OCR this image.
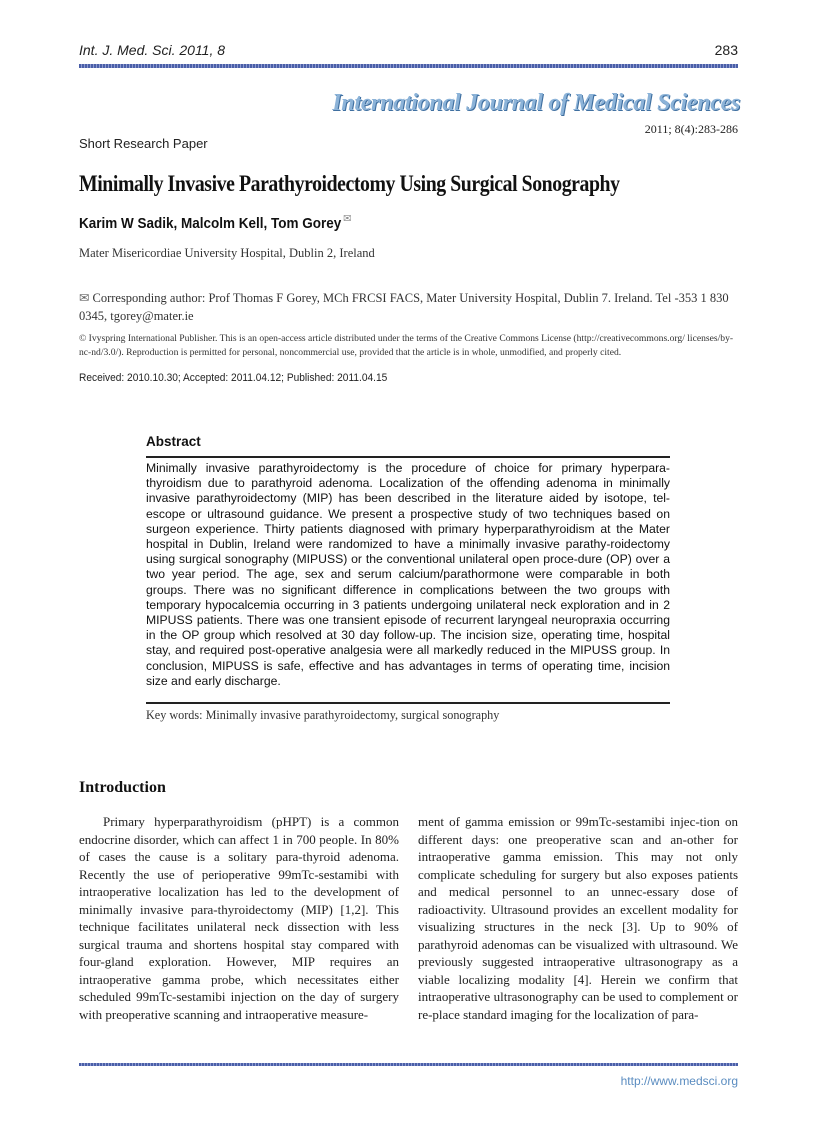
Int. J. Med. Sci. 2011, 8	283
International Journal of Medical Sciences
2011; 8(4):283-286
Short Research Paper
Minimally Invasive Parathyroidectomy Using Surgical Sonography
Karim W Sadik, Malcolm Kell, Tom Gorey ✉
Mater Misericordiae University Hospital, Dublin 2, Ireland
✉ Corresponding author: Prof Thomas F Gorey, MCh FRCSI FACS, Mater University Hospital, Dublin 7. Ireland. Tel -353 1 830 0345, tgorey@mater.ie
© Ivyspring International Publisher. This is an open-access article distributed under the terms of the Creative Commons License (http://creativecommons.org/ licenses/by-nc-nd/3.0/). Reproduction is permitted for personal, noncommercial use, provided that the article is in whole, unmodified, and properly cited.
Received: 2010.10.30; Accepted: 2011.04.12; Published: 2011.04.15
Abstract
Minimally invasive parathyroidectomy is the procedure of choice for primary hyperpara-thyroidism due to parathyroid adenoma. Localization of the offending adenoma in minimally invasive parathyroidectomy (MIP) has been described in the literature aided by isotope, tel-escope or ultrasound guidance. We present a prospective study of two techniques based on surgeon experience. Thirty patients diagnosed with primary hyperparathyroidism at the Mater hospital in Dublin, Ireland were randomized to have a minimally invasive parathy-roidectomy using surgical sonography (MIPUSS) or the conventional unilateral open proce-dure (OP) over a two year period. The age, sex and serum calcium/parathormone were comparable in both groups. There was no significant difference in complications between the two groups with temporary hypocalcemia occurring in 3 patients undergoing unilateral neck exploration and in 2 MIPUSS patients. There was one transient episode of recurrent laryngeal neuropraxia occurring in the OP group which resolved at 30 day follow-up. The incision size, operating time, hospital stay, and required post-operative analgesia were all markedly reduced in the MIPUSS group. In conclusion, MIPUSS is safe, effective and has advantages in terms of operating time, incision size and early discharge.
Key words: Minimally invasive parathyroidectomy, surgical sonography
Introduction

Primary hyperparathyroidism (pHPT) is a common endocrine disorder, which can affect 1 in 700 people. In 80% of cases the cause is a solitary para-thyroid adenoma. Recently the use of perioperative 99mTc-sestamibi with intraoperative localization has led to the development of minimally invasive para-thyroidectomy (MIP) [1,2]. This technique facilitates unilateral neck dissection with less surgical trauma and shortens hospital stay compared with four-gland exploration. However, MIP requires an intraoperative gamma probe, which necessitates either scheduled 99mTc-sestamibi injection on the day of surgery with preoperative scanning and intraoperative measure-

ment of gamma emission or 99mTc-sestamibi injec-tion on different days: one preoperative scan and an-other for intraoperative gamma emission. This may not only complicate scheduling for surgery but also exposes patients and medical personnel to an unnec-essary dose of radioactivity. Ultrasound provides an excellent modality for visualizing structures in the neck [3]. Up to 90% of parathyroid adenomas can be visualized with ultrasound. We previously suggested intraoperative ultrasonograpy as a viable localizing modality [4]. Herein we confirm that intraoperative ultrasonography can be used to complement or re-place standard imaging for the localization of para-

http://www.medsci.org
